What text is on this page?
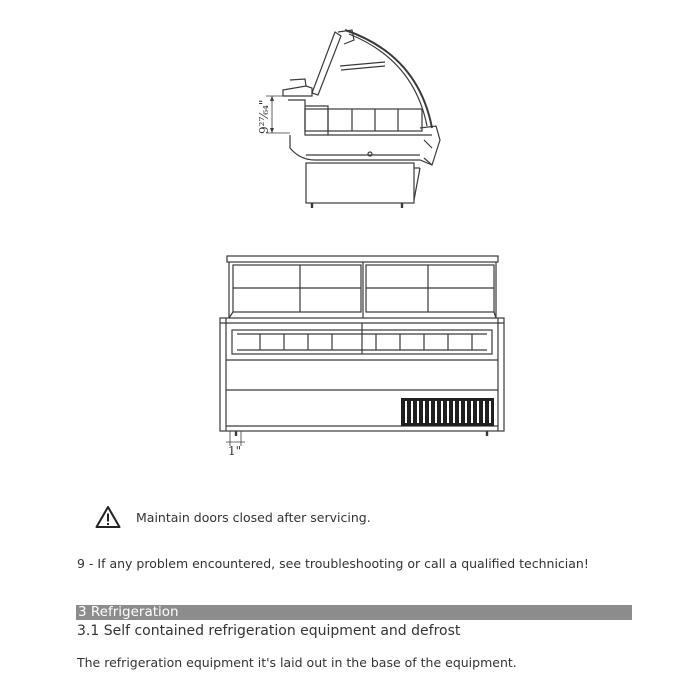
9²⁷⁄₆₄"
1"
Maintain doors closed after servicing.
9 - If any problem encountered, see troubleshooting or call a qualified technician!
3 Refrigeration
3.1 Self contained refrigeration equipment and defrost
The refrigeration equipment it's laid out in the base of the equipment.
